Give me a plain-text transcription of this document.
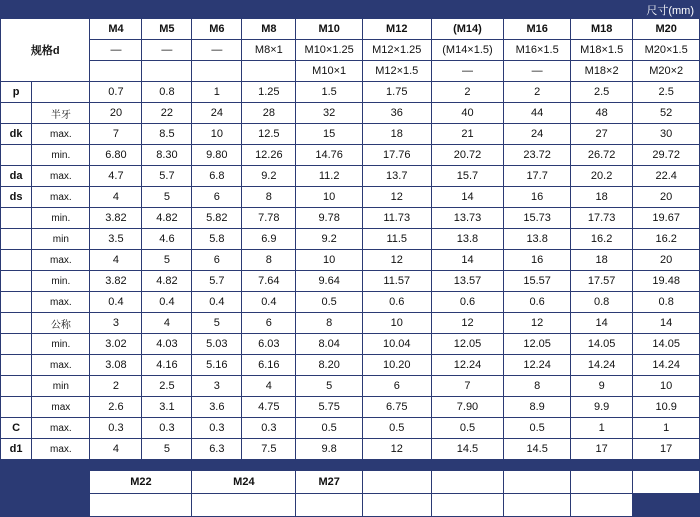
尺寸(mm)
规格d		M4	M5	M6	M8	M10	M12	(M14)	M16	M18	M20
		—	—	—	M8×1	M10×1.25	M12×1.25	(M14×1.5)	M16×1.5	M18×1.5	M20×1.5
						M10×1	M12×1.5	—	—	M18×2	M20×2
p		0.7	0.8	1	1.25	1.5	1.75	2	2	2.5	2.5
	半牙	20	22	24	28	32	36	40	44	48	52
dk	max.	7	8.5	10	12.5	15	18	21	24	27	30
	min.	6.80	8.30	9.80	12.26	14.76	17.76	20.72	23.72	26.72	29.72
da	max.	4.7	5.7	6.8	9.2	11.2	13.7	15.7	17.7	20.2	22.4
ds	max.	4	5	6	8	10	12	14	16	18	20
	min.	3.82	4.82	5.82	7.78	9.78	11.73	13.73	15.73	17.73	19.67
	min	3.5	4.6	5.8	6.9	9.2	11.5	13.8	13.8	16.2	16.2
	max.	4	5	6	8	10	12	14	16	18	20
	min.	3.82	4.82	5.7	7.64	9.64	11.57	13.57	15.57	17.57	19.48
	max.	0.4	0.4	0.4	0.4	0.5	0.6	0.6	0.6	0.8	0.8
	公称	3	4	5	6	8	10	12	12	14	14
	min.	3.02	4.03	5.03	6.03	8.04	10.04	12.05	12.05	14.05	14.05
	max.	3.08	4.16	5.16	6.16	8.20	10.20	12.24	12.24	14.24	14.24
	min	2	2.5	3	4	5	6	7	8	9	10
	max	2.6	3.1	3.6	4.75	5.75	6.75	7.90	8.9	9.9	10.9
C	max.	0.3	0.3	0.3	0.3	0.5	0.5	0.5	0.5	1	1
d1	max.	4	5	6.3	7.5	9.8	12	14.5	14.5	17	17

		M22		M24		M27					
